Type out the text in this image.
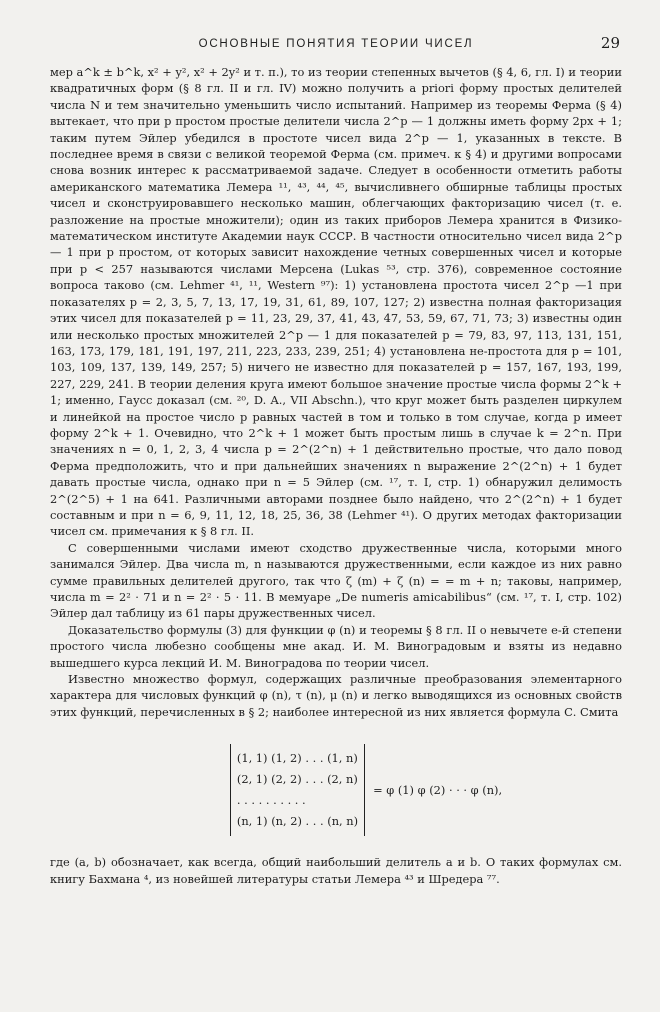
ОСНОВНЫЕ ПОНЯТИЯ ТЕОРИИ ЧИСЕЛ	29

мер a^k ± b^k, x² + y², x² + 2y² и т. п.), то из теории степенных вычетов (§ 4, 6, гл. I) и теории квадратичных форм (§ 8 гл. II и гл. IV) можно получить a priori форму простых делителей числа N и тем значительно уменьшить число испытаний. Например из теоремы Ферма (§ 4) вытекает, что при p простом простые делители числа 2^p — 1 должны иметь форму 2px + 1; таким путем Эйлер убедился в простоте чисел вида 2^p — 1, указанных в тексте. В последнее время в связи с великой теоремой Ферма (см. примеч. к § 4) и другими вопросами снова возник интерес к рассматриваемой задаче. Следует в особенности отметить работы американского математика Лемера ¹¹, ⁴³, ⁴⁴, ⁴⁵, вычисливнего обширные таблицы простых чисел и сконструировавшего несколько машин, облегчающих факторизацию чисел (т. е. разложение на простые множители); один из таких приборов Лемера хранится в Физико-математическом институте Академии наук СССР. В частности относительно чисел вида 2^p — 1 при p простом, от которых зависит нахождение четных совершенных чисел и которые при p < 257 называются числами Мерсена (Lukas ⁵³, стр. 376), современное состояние вопроса таково (см. Lehmer ⁴¹, ¹¹, Western ⁹⁷): 1) установлена простота чисел 2^p —1 при показателях p = 2, 3, 5, 7, 13, 17, 19, 31, 61, 89, 107, 127; 2) известна полная факторизация этих чисел для показателей p = 11, 23, 29, 37, 41, 43, 47, 53, 59, 67, 71, 73; 3) известны один или несколько простых множителей 2^p — 1 для показателей p = 79, 83, 97, 113, 131, 151, 163, 173, 179, 181, 191, 197, 211, 223, 233, 239, 251; 4) установлена не-простота для p = 101, 103, 109, 137, 139, 149, 257; 5) ничего не известно для показателей p = 157, 167, 193, 199, 227, 229, 241. В теории деления круга имеют большое значение простые числа формы 2^k + 1; именно, Гаусс доказал (см. ²⁰, D. A., VII Abschn.), что круг может быть разделен циркулем и линейкой на простое число p равных частей в том и только в том случае, когда p имеет форму 2^k + 1. Очевидно, что 2^k + 1 может быть простым лишь в случае k = 2^n. При значениях n = 0, 1, 2, 3, 4 числа p = 2^(2^n) + 1 действительно простые, что дало повод Ферма предположить, что и при дальнейших значениях n выражение 2^(2^n) + 1 будет давать простые числа, однако при n = 5 Эйлер (см. ¹⁷, т. I, стр. 1) обнаружил делимость 2^(2^5) + 1 на 641. Различными авторами позднее было найдено, что 2^(2^n) + 1 будет составным и при n = 6, 9, 11, 12, 18, 25, 36, 38 (Lehmer ⁴¹). О других методах факторизации чисел см. примечания к § 8 гл. II.

С совершенными числами имеют сходство дружественные числа, которыми много занимался Эйлер. Два числа m, n называются дружественными, если каждое из них равно сумме правильных делителей другого, так что ζ (m) + ζ (n) = = m + n; таковы, например, числа m = 2² · 71 и n = 2² · 5 · 11. В мемуаре „De numeris amicabilibus“ (см. ¹⁷, т. I, стр. 102) Эйлер дал таблицу из 61 пары дружественных чисел.

Доказательство формулы (3) для функции φ (n) и теоремы § 8 гл. II о невычете e-й степени простого числа любезно сообщены мне акад. И. М. Виноградовым и взяты из недавно вышедшего курса лекций И. М. Виноградова по теории чисел.

Известно множество формул, содержащих различные преобразования элементарного характера для числовых функций φ (n), τ (n), μ (n) и легко выводящихся из основных свойств этих функций, перечисленных в § 2; наиболее интересной из них является формула С. Смита

(1, 1) (1, 2) . . . (1, n)
(2, 1) (2, 2) . . . (2, n)
. . . . . . . . . .
(n, 1) (n, 2) . . . (n, n)
= φ (1) φ (2) · · · φ (n),

где (a, b) обозначает, как всегда, общий наибольший делитель a и b. О таких формулах см. книгу Бахмана ⁴, из новейшей литературы статьи Лемера ⁴³ и Шредера ⁷⁷.
